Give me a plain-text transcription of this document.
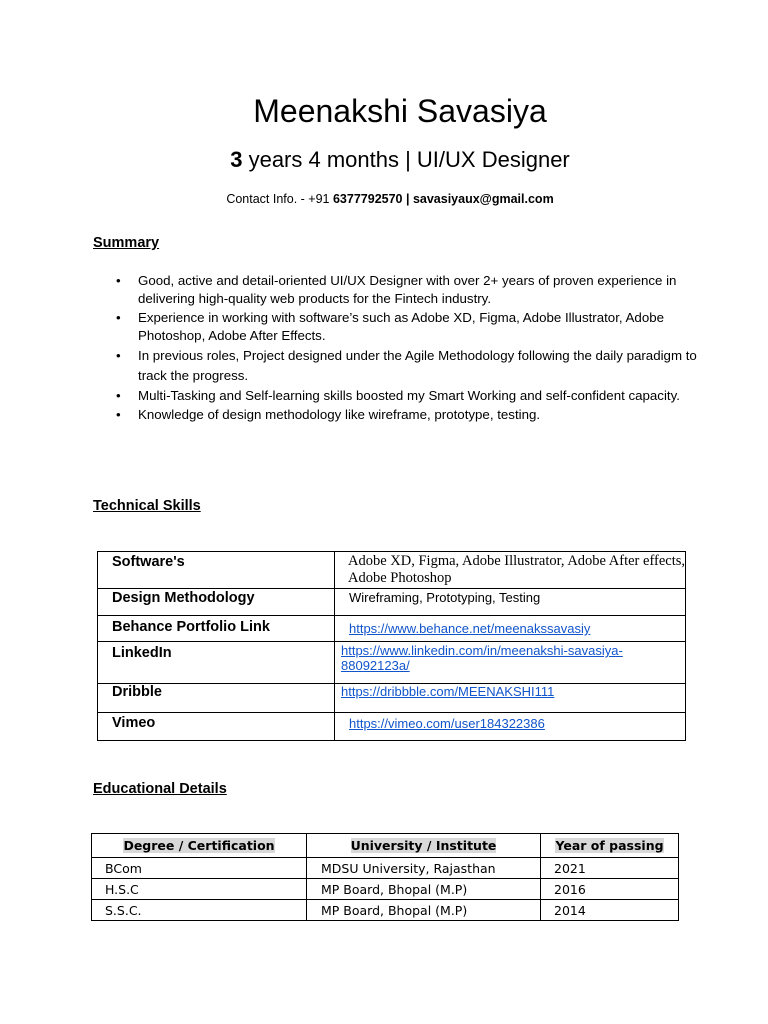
Meenakshi Savasiya
3 years 4 months | UI/UX Designer
Contact Info. - +91 6377792570 | savasiyaux@gmail.com
Summary
• Good, active and detail-oriented UI/UX Designer with over 2+ years of proven experience in delivering high-quality web products for the Fintech industry.
• Experience in working with software’s such as Adobe XD, Figma, Adobe Illustrator, Adobe Photoshop, Adobe After Effects.
• In previous roles, Project designed under the Agile Methodology following the daily paradigm to track the progress.
• Multi-Tasking and Self-learning skills boosted my Smart Working and self-confident capacity.
• Knowledge of design methodology like wireframe, prototype, testing.
Technical Skills
Software's	Adobe XD, Figma, Adobe Illustrator, Adobe After effects, Adobe Photoshop
Design Methodology	Wireframing, Prototyping, Testing
Behance Portfolio Link	https://www.behance.net/meenakssavasiy
LinkedIn	https://www.linkedin.com/in/meenakshi-savasiya-88092123a/
Dribble	https://dribbble.com/MEENAKSHI111
Vimeo	https://vimeo.com/user184322386
Educational Details
Degree / Certification	University / Institute	Year of passing
BCom	MDSU University, Rajasthan	2021
H.S.C	MP Board, Bhopal (M.P)	2016
S.S.C.	MP Board, Bhopal (M.P)	2014
